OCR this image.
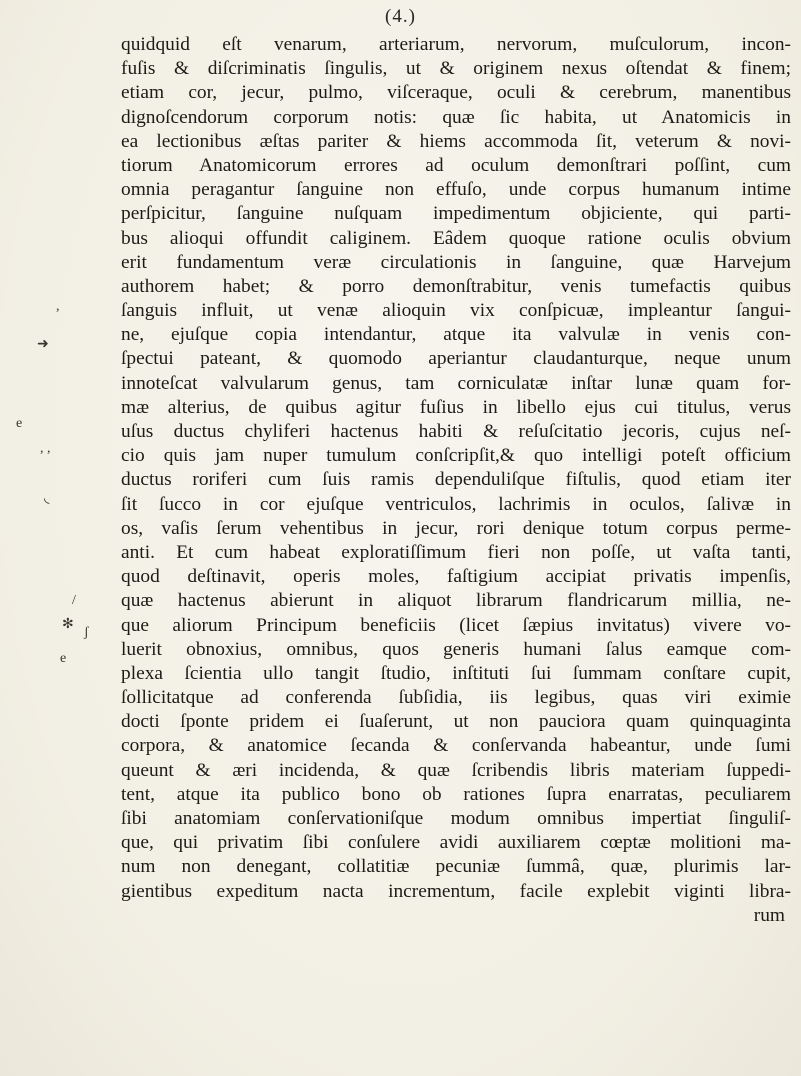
(4.)
,
➜
e
, ,
◟
/
✻
ʃ
e
quidquid eſt venarum, arteriarum, nervorum, muſculorum, incon-
fuſis & diſcriminatis ſingulis, ut & originem nexus oſtendat & finem;
etiam cor, jecur, pulmo, viſceraque, oculi & cerebrum, manentibus
dignoſcendorum corporum notis: quæ ſic habita, ut Anatomicis in
ea lectionibus æſtas pariter & hiems accommoda ſit, veterum & novi-
tiorum Anatomicorum errores ad oculum demonſtrari poſſint, cum
omnia peragantur ſanguine non effuſo, unde corpus humanum intime
perſpicitur, ſanguine nuſquam impedimentum objiciente, qui parti-
bus alioqui offundit caliginem. Eâdem quoque ratione oculis obvium
erit fundamentum veræ circulationis in ſanguine, quæ Harvejum
authorem habet; & porro demonſtrabitur, venis tumefactis quibus
ſanguis influit, ut venæ alioquin vix conſpicuæ, impleantur ſangui-
ne, ejuſque copia intendantur, atque ita valvulæ in venis con-
ſpectui pateant, & quomodo aperiantur claudanturque, neque unum
innoteſcat valvularum genus, tam corniculatæ inſtar lunæ quam for-
mæ alterius, de quibus agitur fuſius in libello ejus cui titulus, verus
uſus ductus chyliferi hactenus habiti & reſuſcitatio jecoris, cujus neſ-
cio quis jam nuper tumulum conſcripſit,& quo intelligi poteſt officium
ductus roriferi cum ſuis ramis dependuliſque fiſtulis, quod etiam iter
ſit ſucco in cor ejuſque ventriculos, lachrimis in oculos, ſalivæ in
os, vaſis ſerum vehentibus in jecur, rori denique totum corpus perme-
anti. Et cum habeat exploratiſſimum fieri non poſſe, ut vaſta tanti,
quod deſtinavit, operis moles, faſtigium accipiat privatis impenſis,
quæ hactenus abierunt in aliquot librarum flandricarum millia, ne-
que aliorum Principum beneficiis (licet ſæpius invitatus) vivere vo-
luerit obnoxius, omnibus, quos generis humani ſalus eamque com-
plexa ſcientia ullo tangit ſtudio, inſtituti ſui ſummam conſtare cupit,
ſollicitatque ad conferenda ſubſidia, iis legibus, quas viri eximie
docti ſponte pridem ei ſuaſerunt, ut non pauciora quam quinquaginta
corpora, & anatomice ſecanda & conſervanda habeantur, unde ſumi
queunt & æri incidenda, & quæ ſcribendis libris materiam ſuppedi-
tent, atque ita publico bono ob rationes ſupra enarratas, peculiarem
ſibi anatomiam conſervationiſque modum omnibus impertiat ſinguliſ-
que, qui privatim ſibi conſulere avidi auxiliarem cœptæ molitioni ma-
num non denegant, collatitiæ pecuniæ ſummâ, quæ, plurimis lar-
gientibus expeditum nacta incrementum, facile explebit viginti libra-
rum
